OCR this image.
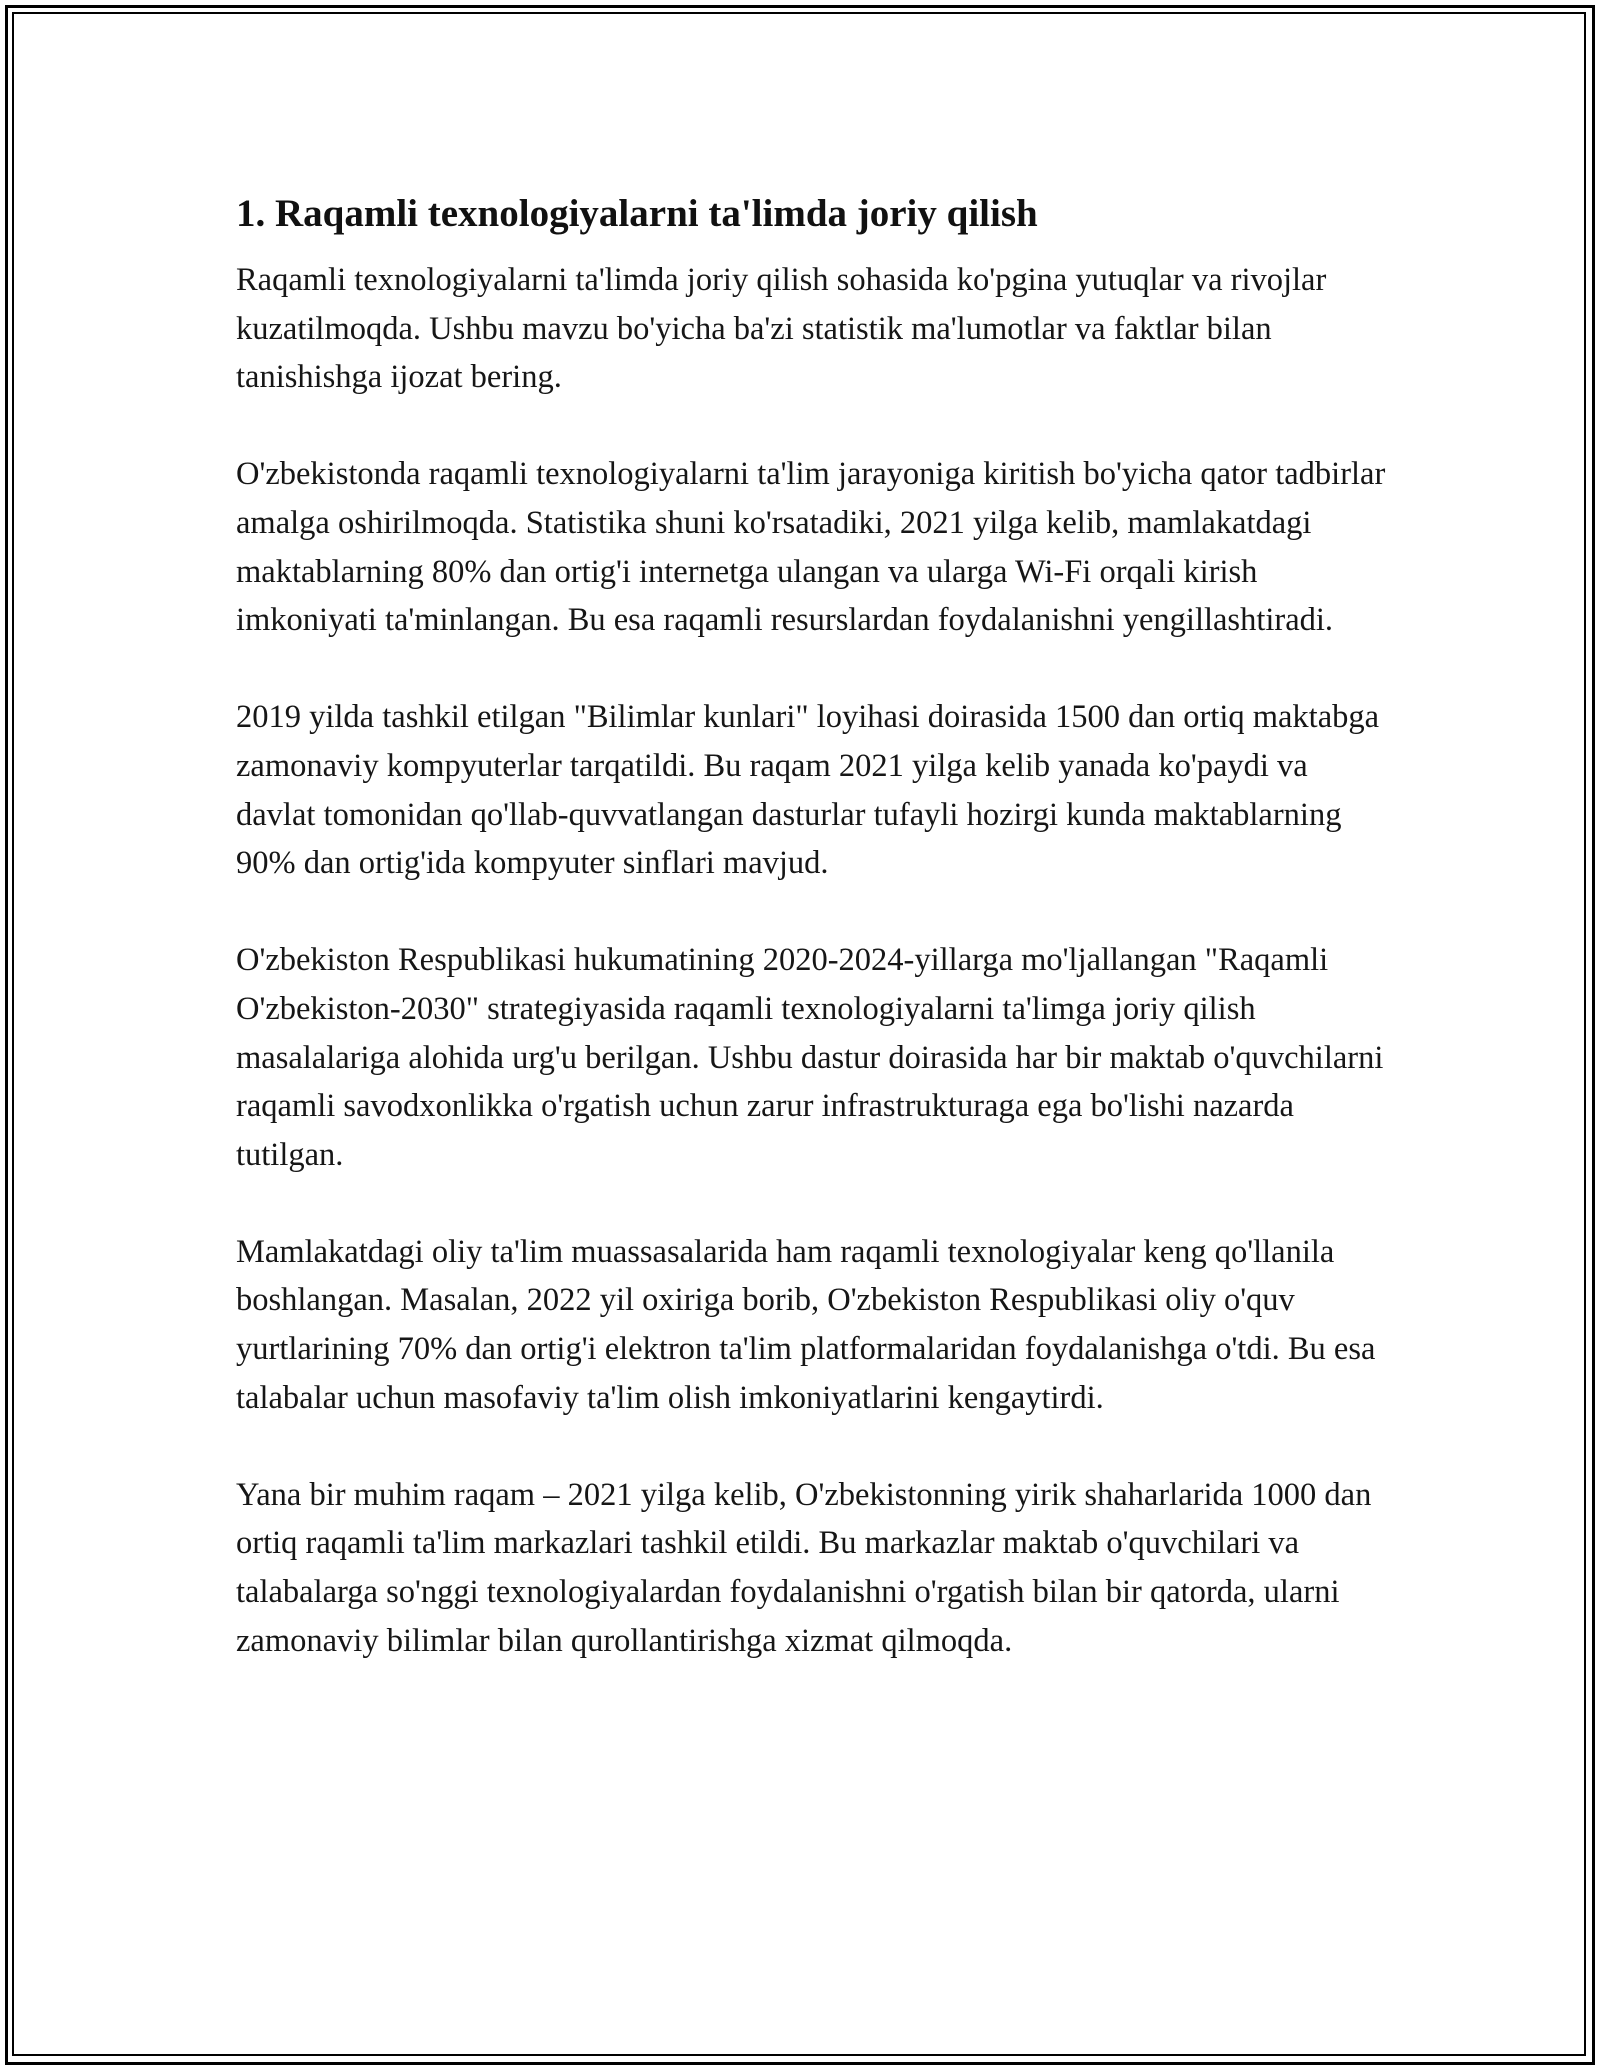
1. Raqamli texnologiyalarni ta'limda joriy qilish

Raqamli texnologiyalarni ta'limda joriy qilish sohasida ko'pgina yutuqlar va rivojlar kuzatilmoqda. Ushbu mavzu bo'yicha ba'zi statistik ma'lumotlar va faktlar bilan tanishishga ijozat bering.

O'zbekistonda raqamli texnologiyalarni ta'lim jarayoniga kiritish bo'yicha qator tadbirlar amalga oshirilmoqda. Statistika shuni ko'rsatadiki, 2021 yilga kelib, mamlakatdagi maktablarning 80% dan ortig'i internetga ulangan va ularga Wi-Fi orqali kirish imkoniyati ta'minlangan. Bu esa raqamli resurslardan foydalanishni yengillashtiradi.

2019 yilda tashkil etilgan "Bilimlar kunlari" loyihasi doirasida 1500 dan ortiq maktabga zamonaviy kompyuterlar tarqatildi. Bu raqam 2021 yilga kelib yanada ko'paydi va davlat tomonidan qo'llab-quvvatlangan dasturlar tufayli hozirgi kunda maktablarning 90% dan ortig'ida kompyuter sinflari mavjud.

O'zbekiston Respublikasi hukumatining 2020-2024-yillarga mo'ljallangan "Raqamli O'zbekiston-2030" strategiyasida raqamli texnologiyalarni ta'limga joriy qilish masalalariga alohida urg'u berilgan. Ushbu dastur doirasida har bir maktab o'quvchilarni raqamli savodxonlikka o'rgatish uchun zarur infrastrukturaga ega bo'lishi nazarda tutilgan.

Mamlakatdagi oliy ta'lim muassasalarida ham raqamli texnologiyalar keng qo'llanila boshlangan. Masalan, 2022 yil oxiriga borib, O'zbekiston Respublikasi oliy o'quv yurtlarining 70% dan ortig'i elektron ta'lim platformalaridan foydalanishga o'tdi. Bu esa talabalar uchun masofaviy ta'lim olish imkoniyatlarini kengaytirdi.

Yana bir muhim raqam – 2021 yilga kelib, O'zbekistonning yirik shaharlarida 1000 dan ortiq raqamli ta'lim markazlari tashkil etildi. Bu markazlar maktab o'quvchilari va talabalarga so'nggi texnologiyalardan foydalanishni o'rgatish bilan bir qatorda, ularni zamonaviy bilimlar bilan qurollantirishga xizmat qilmoqda.
